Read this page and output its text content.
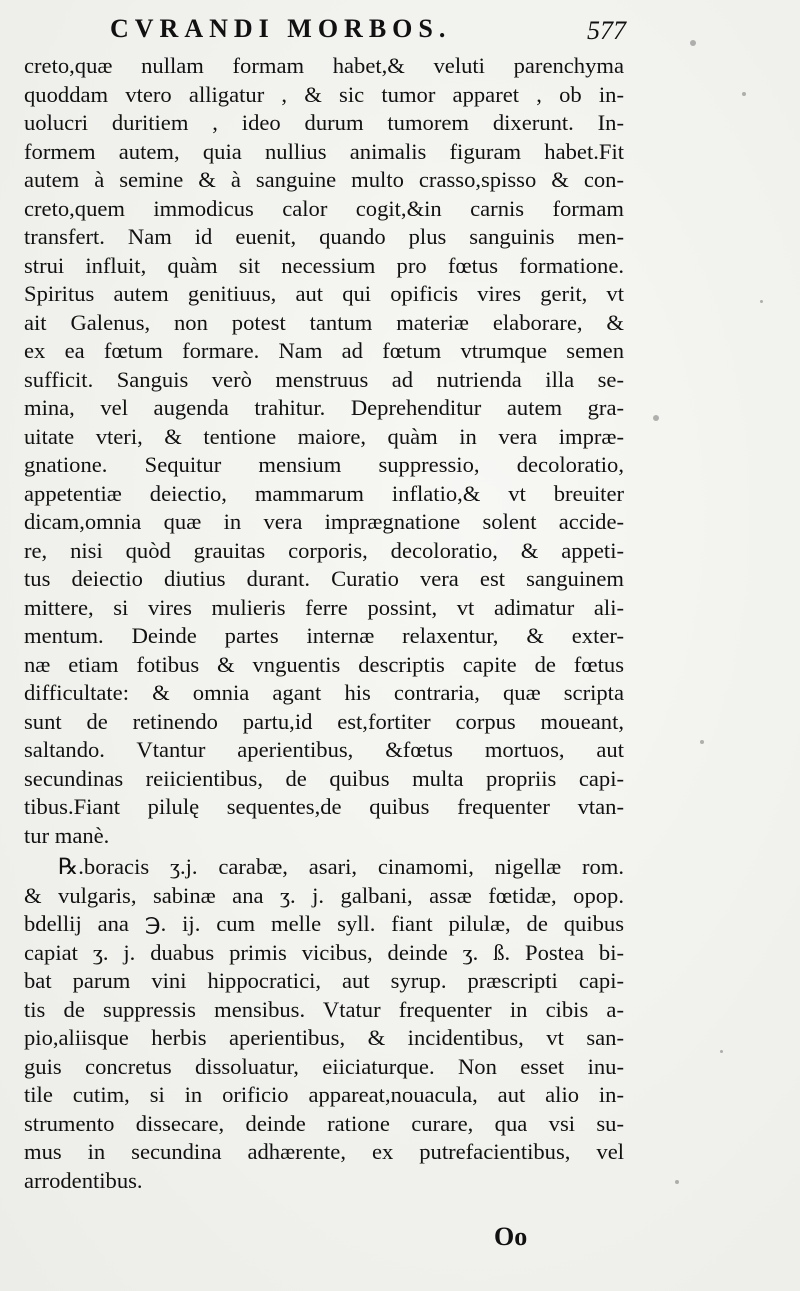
CVRANDI MORBOS.	577
creto,quæ nullam formam habet,& veluti parenchyma
quoddam vtero alligatur , & sic tumor apparet , ob in-
uolucri duritiem , ideo durum tumorem dixerunt. In-
formem autem, quia nullius animalis figuram habet.Fit
autem à semine & à sanguine multo crasso,spisso & con-
creto,quem immodicus calor cogit,&in carnis formam
transfert. Nam id euenit, quando plus sanguinis men-
strui influit, quàm sit necessium pro fœtus formatione.
Spiritus autem genitiuus, aut qui opificis vires gerit, vt
ait Galenus, non potest tantum materiæ elaborare, &
ex ea fœtum formare. Nam ad fœtum vtrumque semen
sufficit. Sanguis verò menstruus ad nutrienda illa se-
mina, vel augenda trahitur. Deprehenditur autem gra-
uitate vteri, & tentione maiore, quàm in vera impræ-
gnatione. Sequitur mensium suppressio, decoloratio,
appetentiæ deiectio, mammarum inflatio,& vt breuiter
dicam,omnia quæ in vera imprægnatione solent accide-
re, nisi quòd grauitas corporis, decoloratio, & appeti-
tus deiectio diutius durant. Curatio vera est sanguinem
mittere, si vires mulieris ferre possint, vt adimatur ali-
mentum. Deinde partes internæ relaxentur, & exter-
næ etiam fotibus & vnguentis descriptis capite de fœtus
difficultate: & omnia agant his contraria, quæ scripta
sunt de retinendo partu,id est,fortiter corpus moueant,
saltando. Vtantur aperientibus, &fœtus mortuos, aut
secundinas reiicientibus, de quibus multa propriis capi-
tibus.Fiant pilulę sequentes,de quibus frequenter vtan-
tur manè.
℞.boracis ʒ.j. carabæ, asari, cinamomi, nigellæ rom.
& vulgaris, sabinæ ana ʒ. j. galbani, assæ fœtidæ, opop.
bdellij ana ℈. ij. cum melle syll. fiant pilulæ, de quibus
capiat ʒ. j. duabus primis vicibus, deinde ʒ. ß. Postea bi-
bat parum vini hippocratici, aut syrup. præscripti capi-
tis de suppressis mensibus. Vtatur frequenter in cibis a-
pio,aliisque herbis aperientibus, & incidentibus, vt san-
guis concretus dissoluatur, eiiciaturque. Non esset inu-
tile cutim, si in orificio appareat,nouacula, aut alio in-
strumento dissecare, deinde ratione curare, qua vsi su-
mus in secundina adhærente, ex putrefacientibus, vel
arrodentibus.
Oo
